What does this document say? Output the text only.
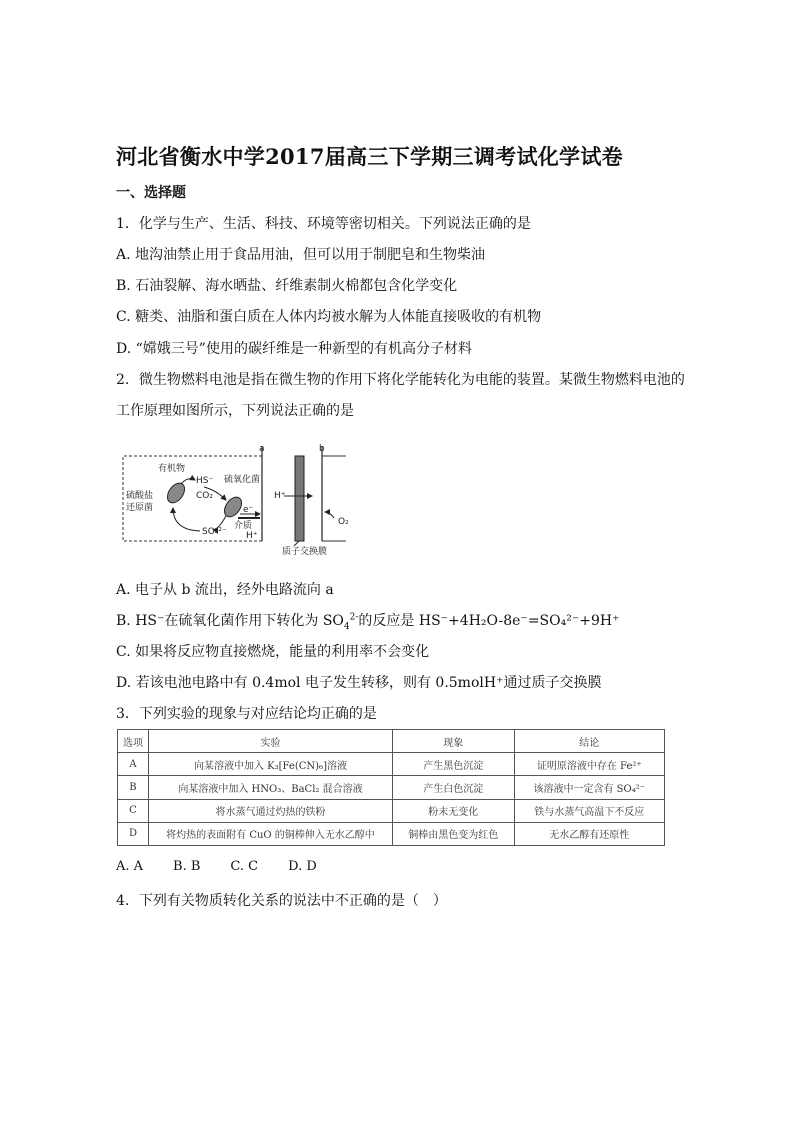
河北省衡水中学2017届高三下学期三调考试化学试卷
一、选择题
1．化学与生产、生活、科技、环境等密切相关。下列说法正确的是
A. 地沟油禁止用于食品用油，但可以用于制肥皂和生物柴油
B. 石油裂解、海水晒盐、纤维素制火棉都包含化学变化
C. 糖类、油脂和蛋白质在人体内均被水解为人体能直接吸收的有机物
D. “嫦娥三号”使用的碳纤维是一种新型的有机高分子材料
2．微生物燃料电池是指在微生物的作用下将化学能转化为电能的装置。某微生物燃料电池的
工作原理如图所示，下列说法正确的是
a	b
有机物
HS⁻
CO₂
硫酸盐
还原菌
SO₄²⁻
硫氧化菌
e⁻
介质
H⁺
H⁺
O₂
质子交换膜
A. 电子从 b 流出，经外电路流向 a
B. HS⁻在硫氧化菌作用下转化为 $SO_4^{2-}$的反应是 HS⁻+4H₂O-8e⁻=SO₄²⁻+9H⁺
C. 如果将反应物直接燃烧，能量的利用率不会变化
D. 若该电池电路中有 0.4mol 电子发生转移，则有 0.5molH⁺通过质子交换膜
3．下列实验的现象与对应结论均正确的是
选项	实验	现象	结论
A	向某溶液中加入 K₃[Fe(CN)₆]溶液	产生黑色沉淀	证明原溶液中存在 Fe²⁺
B	向某溶液中加入 HNO₃、BaCl₂ 混合溶液	产生白色沉淀	该溶液中一定含有 SO₄²⁻
C	将水蒸气通过灼热的铁粉	粉末无变化	铁与水蒸气高温下不反应
D	将灼热的表面附有 CuO 的铜棒伸入无水乙醇中	铜棒由黑色变为红色	无水乙醇有还原性
A. A B. B C. C D. D
4．下列有关物质转化关系的说法中不正确的是（　）
